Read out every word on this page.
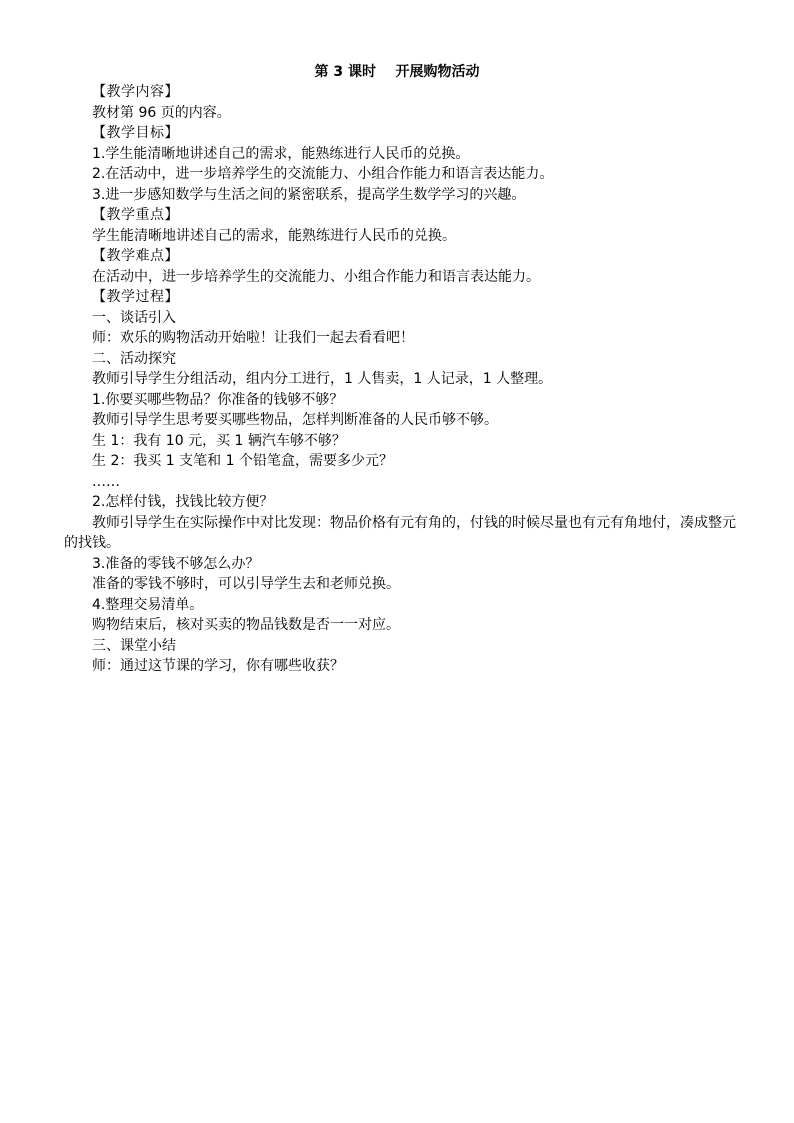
第 3 课时    开展购物活动
【教学内容】
教材第 96 页的内容。
【教学目标】
1.学生能清晰地讲述自己的需求，能熟练进行人民币的兑换。
2.在活动中，进一步培养学生的交流能力、小组合作能力和语言表达能力。
3.进一步感知数学与生活之间的紧密联系，提高学生数学学习的兴趣。
【教学重点】
学生能清晰地讲述自己的需求，能熟练进行人民币的兑换。
【教学难点】
在活动中，进一步培养学生的交流能力、小组合作能力和语言表达能力。
【教学过程】
一、谈话引入
师：欢乐的购物活动开始啦！让我们一起去看看吧！
二、活动探究
教师引导学生分组活动，组内分工进行，1 人售卖，1 人记录，1 人整理。
1.你要买哪些物品？你准备的钱够不够？
教师引导学生思考要买哪些物品，怎样判断准备的人民币够不够。
生 1：我有 10 元，买 1 辆汽车够不够？
生 2：我买 1 支笔和 1 个铅笔盒，需要多少元？
……
2.怎样付钱，找钱比较方便？
教师引导学生在实际操作中对比发现：物品价格有元有角的，付钱的时候尽量也有元有角地付，凑成整元的找钱。
3.准备的零钱不够怎么办？
准备的零钱不够时，可以引导学生去和老师兑换。
4.整理交易清单。
购物结束后，核对买卖的物品钱数是否一一对应。
三、课堂小结
师：通过这节课的学习，你有哪些收获？
